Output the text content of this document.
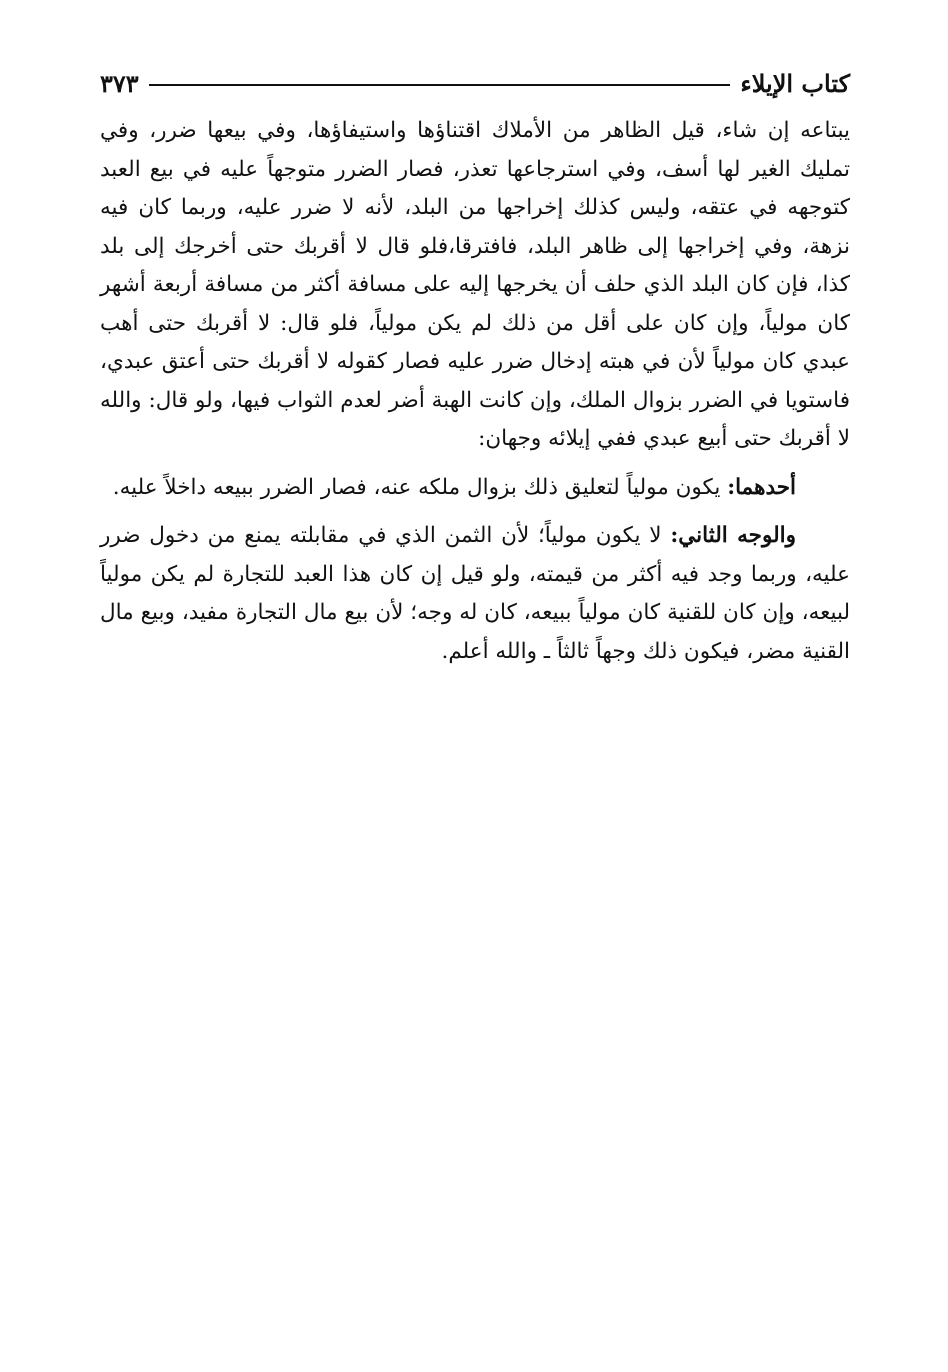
كتاب الإيلاء
٣٧٣

يبتاعه إن شاء، قيل الظاهر من الأملاك اقتناؤها واستيفاؤها، وفي بيعها ضرر، وفي تمليك الغير لها أسف، وفي استرجاعها تعذر، فصار الضرر متوجهاً عليه في بيع العبد كتوجهه في عتقه، وليس كذلك إخراجها من البلد، لأنه لا ضرر عليه، وربما كان فيه نزهة، وفي إخراجها إلى ظاهر البلد، فافترقا،فلو قال لا أقربك حتى أخرجك إلى بلد كذا، فإن كان البلد الذي حلف أن يخرجها إليه على مسافة أكثر من مسافة أربعة أشهر كان مولياً، وإن كان على أقل من ذلك لم يكن مولياً، فلو قال: لا أقربك حتى أهب عبدي كان مولياً لأن في هبته إدخال ضرر عليه فصار كقوله لا أقربك حتى أعتق عبدي، فاستويا في الضرر بزوال الملك، وإن كانت الهبة أضر لعدم الثواب فيها، ولو قال: والله لا أقربك حتى أبيع عبدي ففي إيلائه وجهان:

أحدهما: يكون مولياً لتعليق ذلك بزوال ملكه عنه، فصار الضرر ببيعه داخلاً عليه.

والوجه الثاني: لا يكون مولياً؛ لأن الثمن الذي في مقابلته يمنع من دخول ضرر عليه، وربما وجد فيه أكثر من قيمته، ولو قيل إن كان هذا العبد للتجارة لم يكن مولياً لبيعه، وإن كان للقنية كان مولياً ببيعه، كان له وجه؛ لأن بيع مال التجارة مفيد، وبيع مال القنية مضر، فيكون ذلك وجهاً ثالثاً ـ والله أعلم.
